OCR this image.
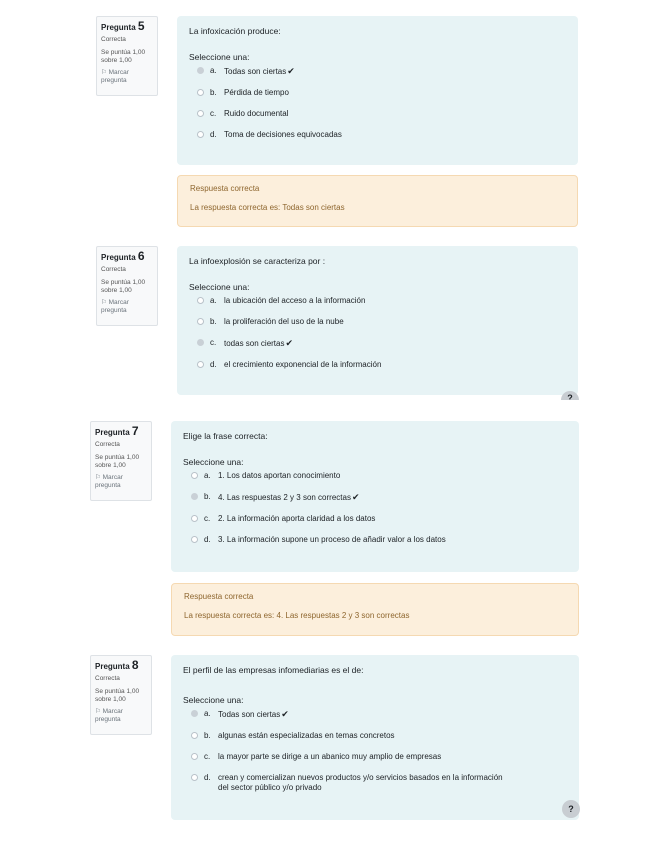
Pregunta 5
Correcta
Se puntúa 1,00 sobre 1,00
⚐ Marcar pregunta
La infoxicación produce:
Seleccione una:
a. Todas son ciertas✔
b. Pérdida de tiempo
c. Ruido documental
d. Toma de decisiones equivocadas
Respuesta correcta
La respuesta correcta es: Todas son ciertas
Pregunta 6
Correcta
Se puntúa 1,00 sobre 1,00
⚐ Marcar pregunta
La infoexplosión se caracteriza por :
Seleccione una:
a. la ubicación del acceso a la información
b. la proliferación del uso de la nube
c. todas son ciertas✔
d. el crecimiento exponencial de la información
?
Pregunta 7
Correcta
Se puntúa 1,00 sobre 1,00
⚐ Marcar pregunta
Elige la frase correcta:
Seleccione una:
a. 1. Los datos aportan conocimiento
b. 4. Las respuestas 2 y 3 son correctas✔
c. 2. La información aporta claridad a los datos
d. 3. La información supone un proceso de añadir valor a los datos
Respuesta correcta
La respuesta correcta es: 4. Las respuestas 2 y 3 son correctas
Pregunta 8
Correcta
Se puntúa 1,00 sobre 1,00
⚐ Marcar pregunta
El perfil de las empresas infomediarias es el de:
Seleccione una:
a. Todas son ciertas✔
b. algunas están especializadas en temas concretos
c. la mayor parte se dirige a un abanico muy amplio de empresas
d. crean y comercializan nuevos productos y/o servicios basados en la información del sector público y/o privado
?
